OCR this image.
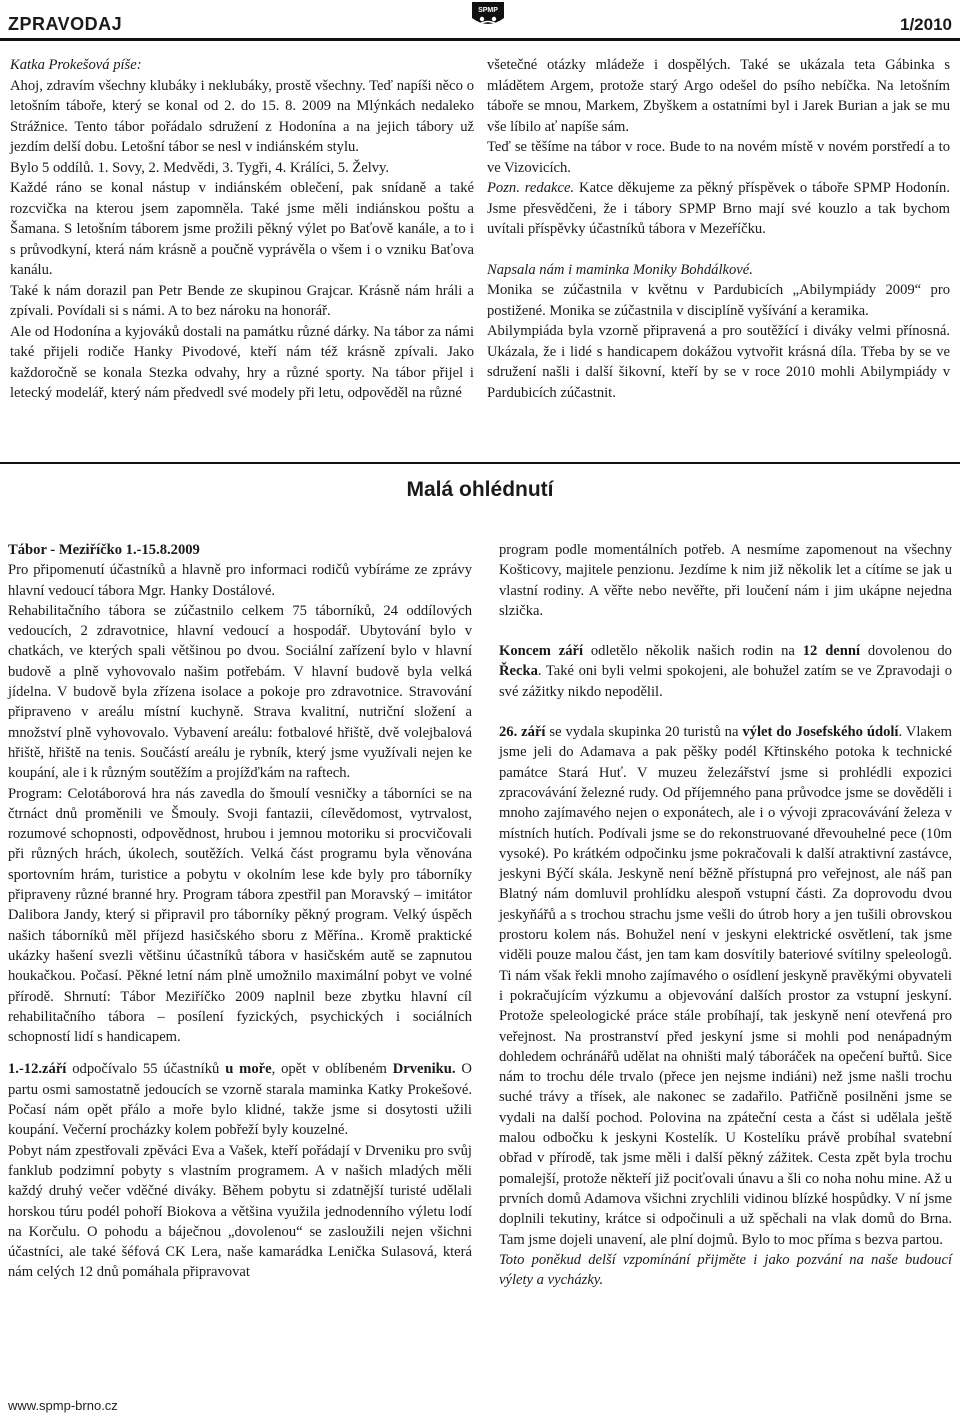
ZPRAVODAJ
SPMP
1/2010

Katka Prokešová píše:

Ahoj, zdravím všechny klubáky i neklubáky, prostě všechny. Teď napíši něco o letošním táboře, který se konal od 2. do 15. 8. 2009 na Mlýnkách nedaleko Strážnice. Tento tábor pořádalo sdružení z Hodonína a na jejich tábory už jezdím delší dobu. Letošní tábor se nesl v indiánském stylu.

Bylo 5 oddílů. 1. Sovy, 2. Medvědi, 3. Tygři, 4. Králíci, 5. Želvy.

Každé ráno se konal nástup v indiánském oblečení, pak snídaně a také rozcvička na kterou jsem zapomněla. Také jsme měli indiánskou poštu a Šamana. S letošním táborem jsme prožili pěkný výlet po Baťově kanále, a to i s průvodkyní, která nám krásně a poučně vyprávěla o všem i o vzniku Baťova kanálu.

Také k nám dorazil pan Petr Bende ze skupinou Grajcar. Krásně nám hráli a zpívali. Povídali si s námi. A to bez nároku na honorář.

Ale od Hodonína a kyjováků dostali na památku různé dárky. Na tábor za námi také přijeli rodiče Hanky Pivodové, kteří nám též krásně zpívali. Jako každoročně se konala Stezka odvahy, hry a různé sporty. Na tábor přijel i letecký modelář, který nám předvedl své modely při letu, odpověděl na různé

všetečné otázky mládeže i dospělých. Také se ukázala teta Gábinka s mládětem Argem, protože starý Argo odešel do psího nebíčka. Na letošním táboře se mnou, Markem, Zbyškem a ostatními byl i Jarek Burian a jak se mu vše líbilo ať napíše sám.

Teď se těšíme na tábor v roce. Bude to na novém místě v novém porstředí a to ve Vizovicích.

Pozn. redakce. Katce děkujeme za pěkný příspěvek o táboře SPMP Hodonín. Jsme přesvědčeni, že i tábory SPMP Brno mají své kouzlo a tak bychom uvítali příspěvky účastníků tábora v Mezeříčku.

Napsala nám i maminka Moniky Bohdálkové.

Monika se zúčastnila v květnu v Pardubicích „Abilympiády 2009“ pro postižené. Monika se zúčastnila v disciplíně vyšívání a keramika.

Abilympiáda byla vzorně připravená a pro soutěžící i diváky velmi přínosná. Ukázala, že i lidé s handicapem dokážou vytvořit krásná díla. Třeba by se ve sdružení našli i další šikovní, kteří by se v roce 2010 mohli Abilympiády v Pardubicích zúčastnit.

Malá ohlédnutí

Tábor - Meziříčko 1.-15.8.2009

Pro připomenutí účastníků a hlavně pro informaci rodičů vybíráme ze zprávy hlavní vedoucí tábora Mgr. Hanky Dostálové.

Rehabilitačního tábora se zúčastnilo celkem 75 táborníků, 24 oddílových vedoucích, 2 zdravotnice, hlavní vedoucí a hospodář. Ubytování bylo v chatkách, ve kterých spali většinou po dvou. Sociální zařízení bylo v hlavní budově a plně vyhovovalo našim potřebám. V hlavní budově byla velká jídelna. V budově byla zřízena isolace a pokoje pro zdravotnice. Stravování připraveno v areálu místní kuchyně. Strava kvalitní, nutriční složení a množství plně vyhovovalo. Vybavení areálu: fotbalové hřiště, dvě volejbalová hřiště, hřiště na tenis. Součástí areálu je rybník, který jsme využívali nejen ke koupání, ale i k různým soutěžím a projížďkám na raftech.

Program: Celotáborová hra nás zavedla do šmoulí vesničky a táborníci se na čtrnáct dnů proměnili ve Šmouly. Svoji fantazii, cílevědomost, vytrvalost, rozumové schopnosti, odpovědnost, hrubou i jemnou motoriku si procvičovali při různých hrách, úkolech, soutěžích. Velká část programu byla věnována sportovním hrám, turistice a pobytu v okolním lese kde byly pro táborníky připraveny různé branné hry. Program tábora zpestřil pan Moravský – imitátor Dalibora Jandy, který si připravil pro táborníky pěkný program. Velký úspěch našich táborníků měl příjezd hasičského sboru z Měřína.. Kromě praktické ukázky hašení svezli většinu účastníků tábora v hasičském autě se zapnutou houkačkou. Počasí. Pěkné letní nám plně umožnilo maximální pobyt ve volné přírodě. Shrnutí: Tábor Meziříčko 2009 naplnil beze zbytku hlavní cíl rehabilitačního tábora – posílení fyzických, psychických i sociálních schopností lidí s handicapem.

1.-12.září odpočívalo 55 účastníků u moře, opět v oblíbeném Drveniku. O partu osmi samostatně jedoucích se vzorně starala maminka Katky Prokešové. Počasí nám opět přálo a moře bylo klidné, takže jsme si dosytosti užili koupání. Večerní procházky kolem pobřeží byly kouzelné.

Pobyt nám zpestřovali zpěváci Eva a Vašek, kteří pořádají v Drveniku pro svůj fanklub podzimní pobyty s vlastním programem. A v našich mladých měli každý druhý večer vděčné diváky. Během pobytu si zdatnější turisté udělali horskou túru podél pohoří Biokova a většina využila jednodenního výletu lodí na Korčulu. O pohodu a báječnou „dovolenou“ se zasloužili nejen všichni účastníci, ale také šéfová CK Lera, naše kamarádka Lenička Sulasová, která nám celých 12 dnů pomáhala připravovat

program podle momentálních potřeb. A nesmíme zapomenout na všechny Košticovy, majitele penzionu. Jezdíme k nim již několik let a cítíme se jak u vlastní rodiny. A věřte nebo nevěřte, při loučení nám i jim ukápne nejedna slzička.

Koncem září odletělo několik našich rodin na 12 denní dovolenou do Řecka. Také oni byli velmi spokojeni, ale bohužel zatím se ve Zpravodaji o své zážitky nikdo nepodělil.

26. září se vydala skupinka 20 turistů na výlet do Josefského údolí. Vlakem jsme jeli do Adamava a pak pěšky podél Křtinského potoka k technické památce Stará Huť. V muzeu železářství jsme si prohlédli expozici zpracovávání železné rudy. Od příjemného pana průvodce jsme se dověděli i mnoho zajímavého nejen o exponátech, ale i o vývoji zpracovávání železa v místních hutích. Podívali jsme se do rekonstruované dřevouhelné pece (10m vysoké). Po krátkém odpočinku jsme pokračovali k další atraktivní zastávce, jeskyni Býčí skála. Jeskyně není běžně přístupná pro veřejnost, ale náš pan Blatný nám domluvil prohlídku alespoň vstupní části. Za doprovodu dvou jeskyňářů a s trochou strachu jsme vešli do útrob hory a jen tušili obrovskou prostoru kolem nás. Bohužel není v jeskyni elektrické osvětlení, tak jsme viděli pouze malou část, jen tam kam dosvítily bateriové svítilny speleologů. Ti nám však řekli mnoho zajímavého o osídlení jeskyně pravěkými obyvateli i pokračujícím výzkumu a objevování dalších prostor za vstupní jeskyní. Protože speleologické práce stále probíhají, tak jeskyně není otevřená pro veřejnost. Na prostranství před jeskyní jsme si mohli pod nenápadným dohledem ochránářů udělat na ohništi malý táboráček na opečení buřtů. Sice nám to trochu déle trvalo (přece jen nejsme indiáni) než jsme našli trochu suché trávy a třísek, ale nakonec se zadařilo. Patřičně posilněni jsme se vydali na další pochod. Polovina na zpáteční cesta a část si udělala ještě malou odbočku k jeskyni Kostelík. U Kostelíku právě probíhal svatební obřad v přírodě, tak jsme měli i další pěkný zážitek. Cesta zpět byla trochu pomalejší, protože někteří již pociťovali únavu a šli co noha nohu mine. Až u prvních domů Adamova všichni zrychlili vidinou blízké hospůdky. V ní jsme doplnili tekutiny, krátce si odpočinuli a už spěchali na vlak domů do Brna. Tam jsme dojeli unavení, ale plní dojmů. Bylo to moc příma s bezva partou.

Toto poněkud delší vzpomínání přijměte i jako pozvání na naše budoucí výlety a vycházky.

www.spmp-brno.cz
